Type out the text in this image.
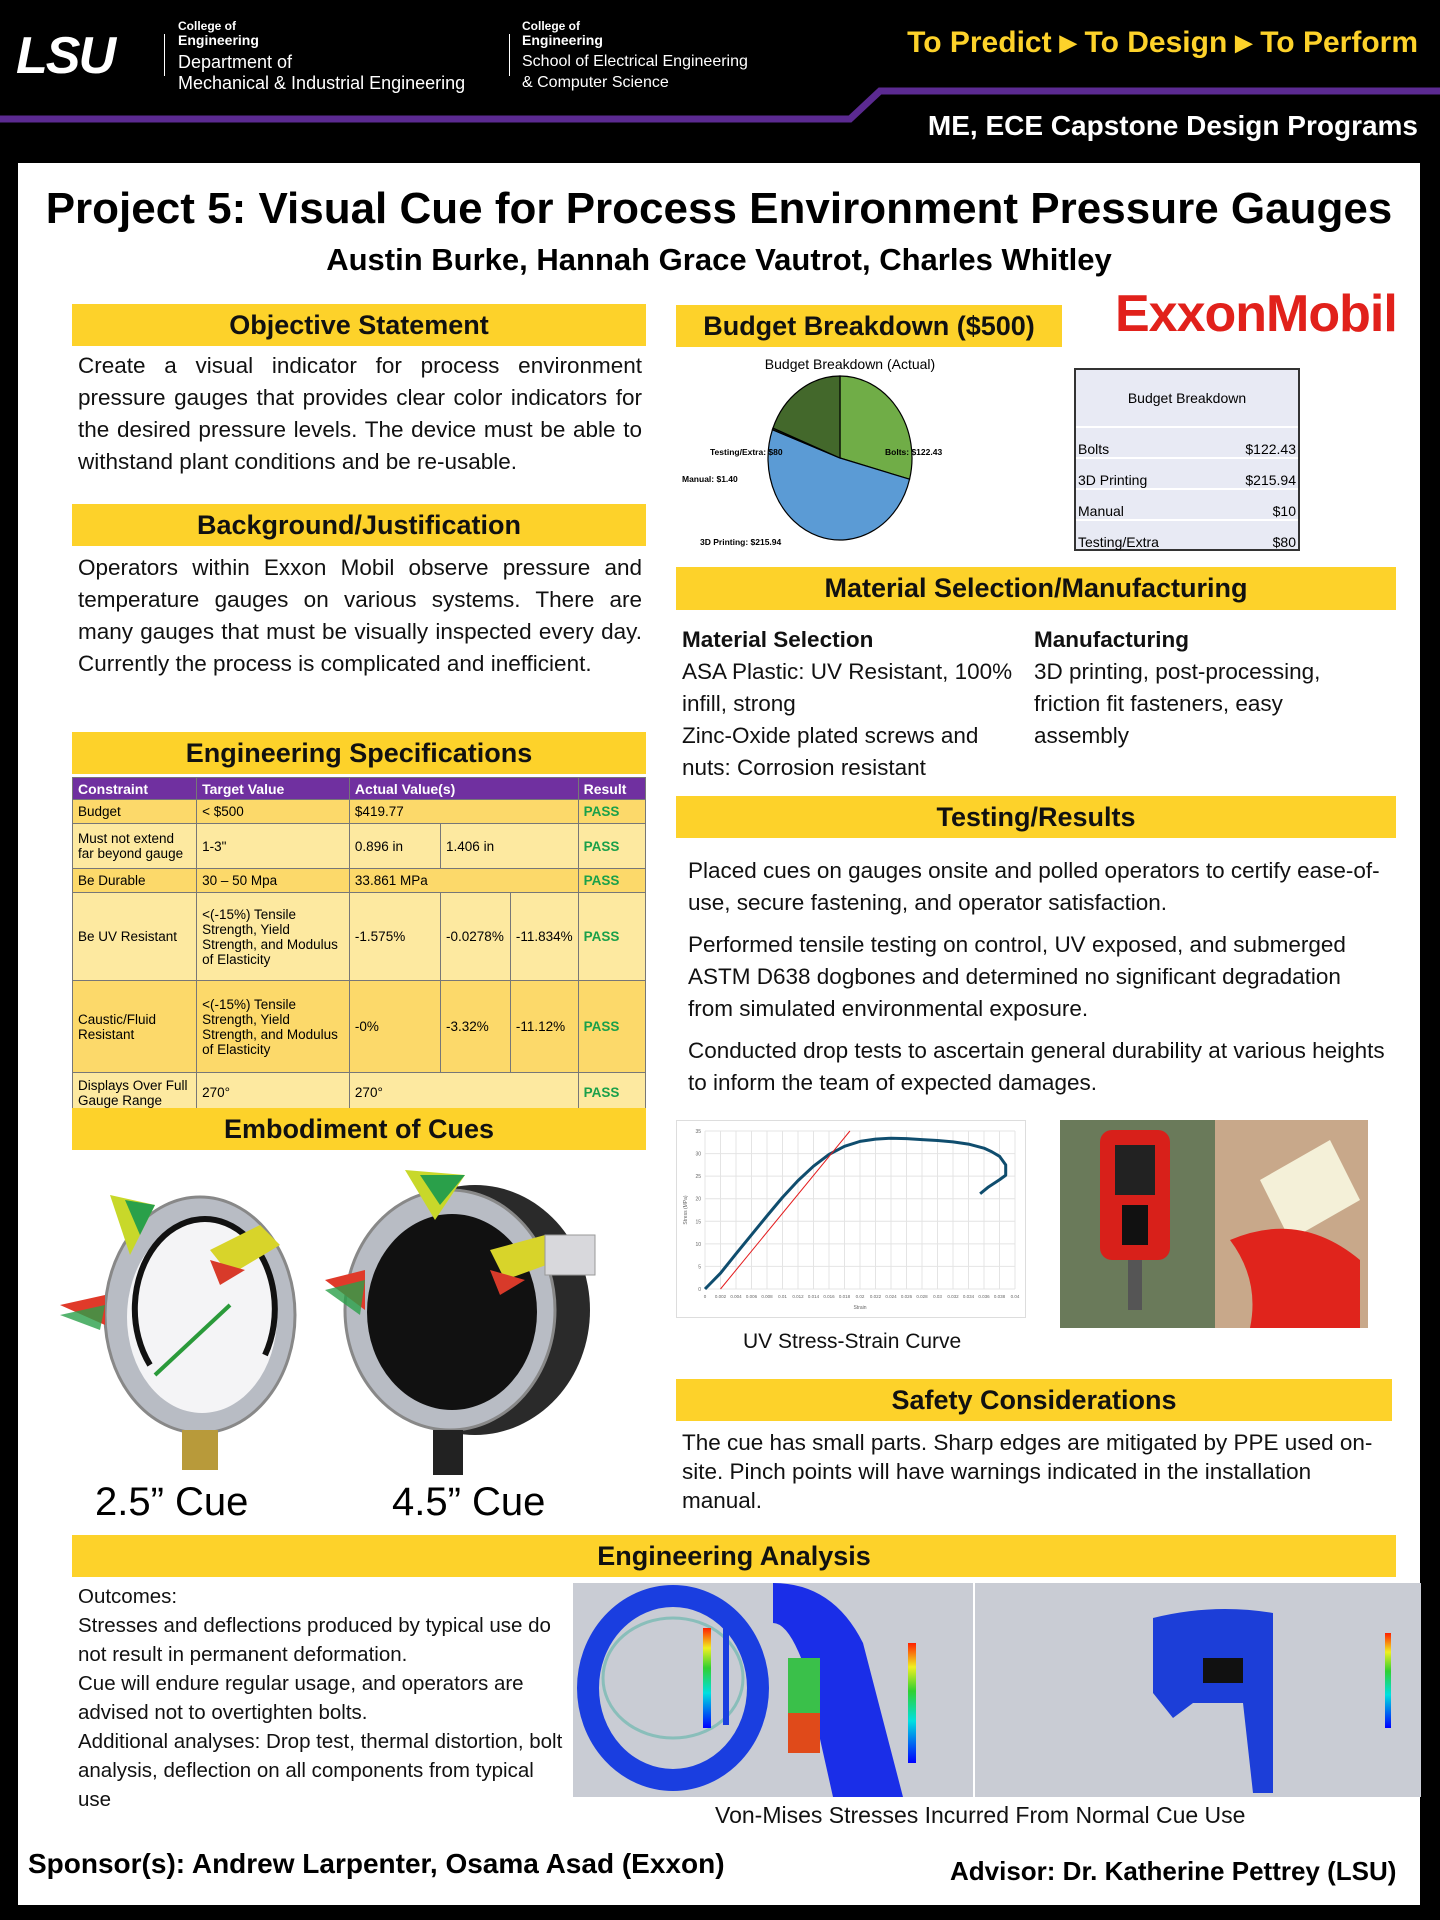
LSU
College of
Engineering
Department of
Mechanical & Industrial Engineering
College of
Engineering
School of Electrical Engineering
& Computer Science
To Predict ▶ To Design ▶ To Perform
ME, ECE Capstone Design Programs
Project 5: Visual Cue for Process Environment Pressure Gauges
Austin Burke, Hannah Grace Vautrot, Charles Whitley
Objective Statement
Create a visual indicator for process environment pressure gauges that provides clear color indicators for the desired pressure levels. The device must be able to withstand plant conditions and be re-usable.
Background/Justification
Operators within Exxon Mobil observe pressure and temperature gauges on various systems. There are many gauges that must be visually inspected every day. Currently the process is complicated and inefficient.
Engineering Specifications
Constraint	Target Value	Actual Value(s)			Result
Budget	< $500	$419.77			PASS
Must not extend far beyond gauge	1-3"	0.896 in	1.406 in		PASS
Be Durable	30 – 50 Mpa	33.861 MPa			PASS
Be UV Resistant	<(-15%) Tensile Strength, Yield Strength, and Modulus of Elasticity	-1.575%	-0.0278%	-11.834%	PASS
Caustic/Fluid Resistant	<(-15%) Tensile Strength, Yield Strength, and Modulus of Elasticity	-0%	-3.32%	-11.12%	PASS
Displays Over Full Gauge Range	270°	270°			PASS
Embodiment of Cues
2.5” Cue	4.5” Cue
Budget Breakdown ($500)	ExxonMobil
Budget Breakdown (Actual)
Bolts: $122.43
3D Printing: $215.94
Manual: $1.40
Testing/Extra: $80
Budget Breakdown
Bolts	$122.43
3D Printing	$215.94
Manual	$10
Testing/Extra	$80
Material Selection/Manufacturing
Material Selection
ASA Plastic: UV Resistant, 100% infill, strong
Zinc-Oxide plated screws and nuts: Corrosion resistant
Manufacturing
3D printing, post-processing, friction fit fasteners, easy assembly
Testing/Results

Placed cues on gauges onsite and polled operators to certify ease-of-use, secure fastening, and operator satisfaction.

Performed tensile testing on control, UV exposed, and submerged ASTM D638 dogbones and determined no significant degradation from simulated environmental exposure.

Conducted drop tests to ascertain general durability at various heights to inform the team of expected damages.

0 0.002 0.004 0.006 0.008 0.01 0.012 0.014 0.016 0.018 0.02 0.022 0.024 0.026 0.028 0.03 0.032 0.034 0.036 0.038 0.04
0
5
10
15
20
25
30
35
Strain
Stress (MPa)
UV Stress-Strain Curve
Safety Considerations
The cue has small parts. Sharp edges are mitigated by PPE used on-site. Pinch points will have warnings indicated in the installation manual.
Engineering Analysis
Outcomes:
Stresses and deflections produced by typical use do not result in permanent deformation.
Cue will endure regular usage, and operators are advised not to overtighten bolts.
Additional analyses: Drop test, thermal distortion, bolt analysis, deflection on all components from typical use
Von-Mises Stresses Incurred From Normal Cue Use
Sponsor(s): Andrew Larpenter, Osama Asad (Exxon)	Advisor: Dr. Katherine Pettrey (LSU)
